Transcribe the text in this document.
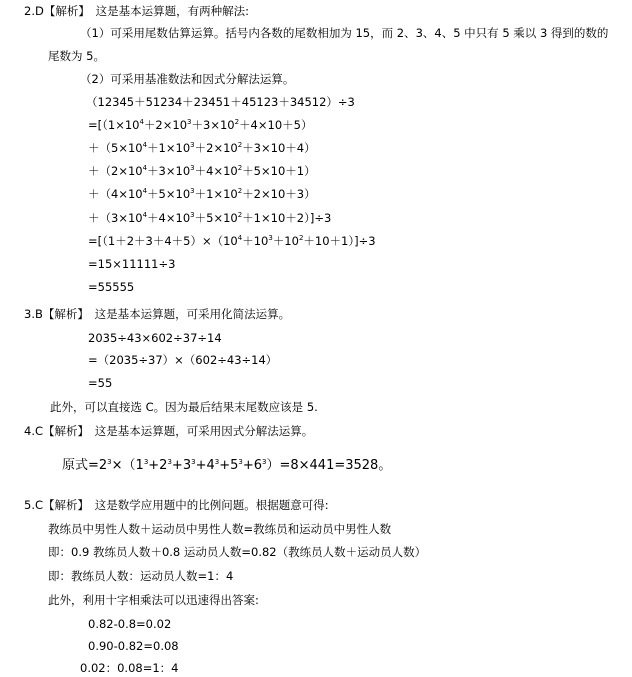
2.D【解析】　这是基本运算题，有两种解法:
（1）可采用尾数估算运算。括号内各数的尾数相加为 15，而 2、3、4、5 中只有 5 乘以 3 得到的数的
尾数为 5。
（2）可采用基准数法和因式分解法运算。
（12345＋51234＋23451＋45123＋34512）÷3
$=[(1\times 10^4+2\times 10^3+3\times 10^2+4\times 10+5)$
$+(5\times 10^4+1\times 10^3+2\times 10^2+3\times 10+4)$
$+(2\times 10^4+3\times 10^3+4\times 10^2+5\times 10+1)$
$+(4\times 10^4+5\times 10^3+1\times 10^2+2\times 10+3)$
$+(3\times 10^4+4\times 10^3+5\times 10^2+1\times 10+2)]\div 3$
$=[(1+2+3+4+5)\times(10^4+10^3+10^2+10+1)]\div 3$
=15×11111÷3
=55555
3.B【解析】　这是基本运算题，可采用化简法运算。
2035÷43×602÷37÷14
=（2035÷37）×（602÷43÷14）
=55
此外，可以直接选 C。因为最后结果末尾数应该是 5.
4.C【解析】　这是基本运算题，可采用因式分解法运算。
原式$=2^3\times(1^3+2^3+3^3+4^3+5^3+6^3)=8\times 441=3528$。
5.C【解析】　这是数学应用题中的比例问题。根据题意可得:
教练员中男性人数＋运动员中男性人数=教练员和运动员中男性人数
即：0.9 教练员人数＋0.8 运动员人数=0.82（教练员人数＋运动员人数）
即：教练员人数：运动员人数=1：4
此外，利用十字相乘法可以迅速得出答案:
0.82-0.8=0.02
0.90-0.82=0.08
0.02：0.08=1：4
